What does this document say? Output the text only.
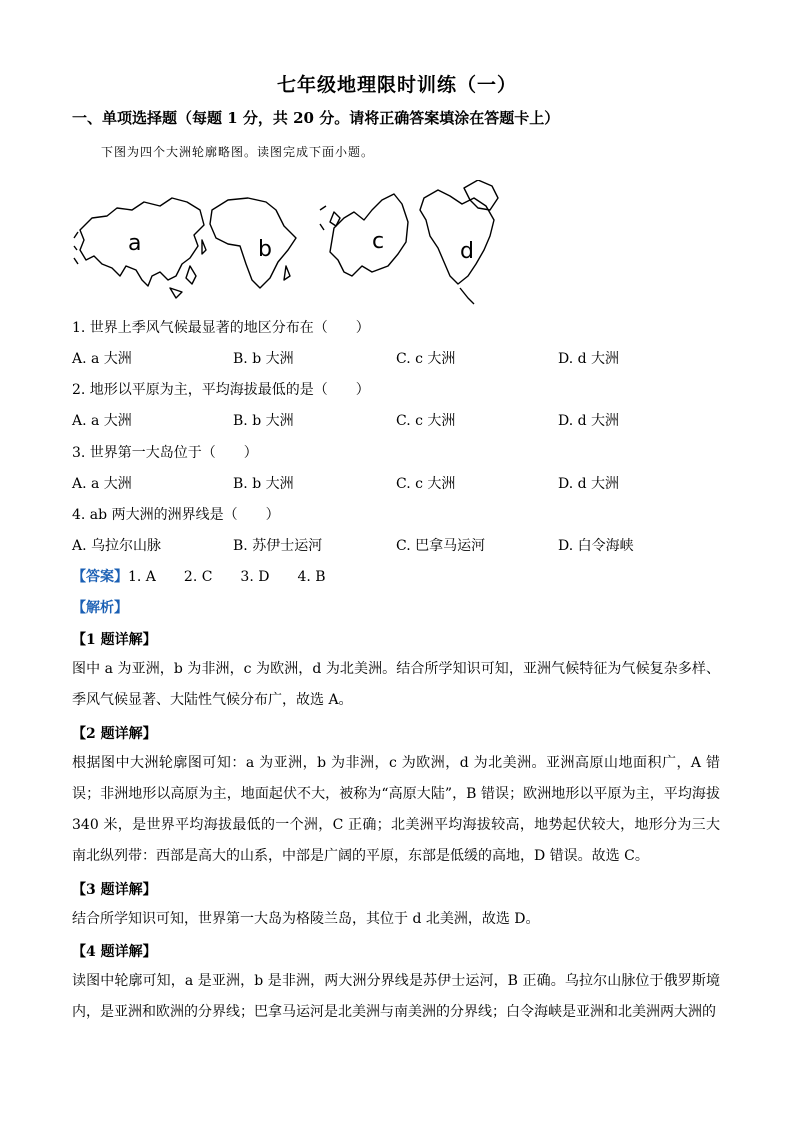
七年级地理限时训练（一）
一、单项选择题（每题 1 分，共 20 分。请将正确答案填涂在答题卡上）
下图为四个大洲轮廓略图。读图完成下面小题。
a	b	c	d
1. 世界上季风气候最显著的地区分布在（　　）
A. a 大洲	B. b 大洲	C. c 大洲	D. d 大洲
2. 地形以平原为主，平均海拔最低的是（　　）
A. a 大洲	B. b 大洲	C. c 大洲	D. d 大洲
3. 世界第一大岛位于（　　）
A. a 大洲	B. b 大洲	C. c 大洲	D. d 大洲
4. ab 两大洲的洲界线是（　　）
A. 乌拉尔山脉	B. 苏伊士运河	C. 巴拿马运河	D. 白令海峡
【答案】1. A　　2. C　　3. D　　4. B
【解析】
【1 题详解】
图中 a 为亚洲，b 为非洲，c 为欧洲，d 为北美洲。结合所学知识可知，亚洲气候特征为气候复杂多样、季风气候显著、大陆性气候分布广，故选 A。
【2 题详解】
根据图中大洲轮廓图可知：a 为亚洲，b 为非洲，c 为欧洲，d 为北美洲。亚洲高原山地面积广，A 错误；非洲地形以高原为主，地面起伏不大，被称为“高原大陆”，B 错误；欧洲地形以平原为主，平均海拔 340 米，是世界平均海拔最低的一个洲，C 正确；北美洲平均海拔较高，地势起伏较大，地形分为三大南北纵列带：西部是高大的山系，中部是广阔的平原，东部是低缓的高地，D 错误。故选 C。
【3 题详解】
结合所学知识可知，世界第一大岛为格陵兰岛，其位于 d 北美洲，故选 D。
【4 题详解】
读图中轮廓可知，a 是亚洲，b 是非洲，两大洲分界线是苏伊士运河，B 正确。乌拉尔山脉位于俄罗斯境内，是亚洲和欧洲的分界线；巴拿马运河是北美洲与南美洲的分界线；白令海峡是亚洲和北美洲两大洲的
